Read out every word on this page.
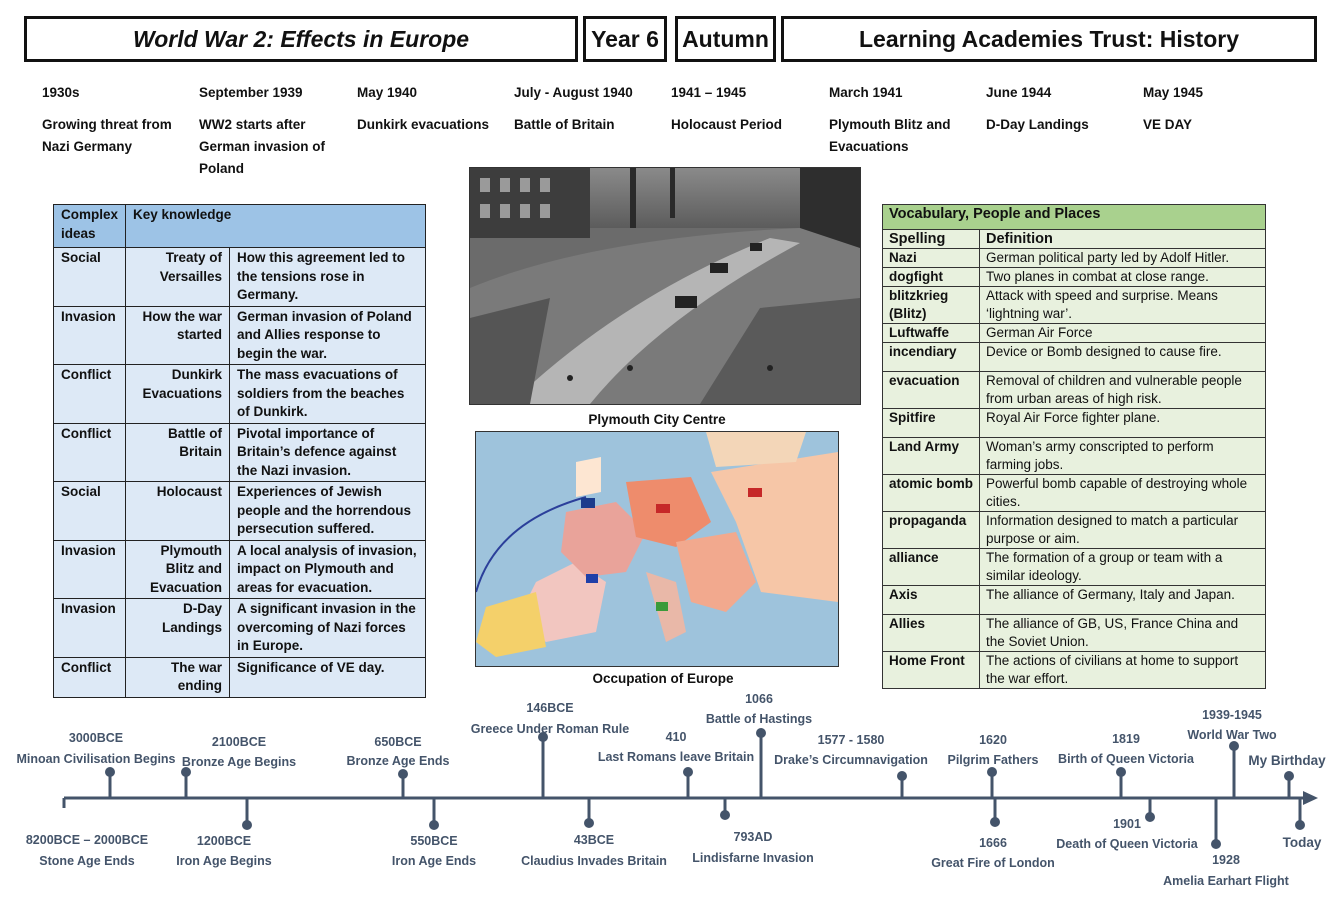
World War 2: Effects in Europe	Year 6 Autumn	Learning Academies Trust: History
1930s
Growing threat from Nazi Germany
September 1939
WW2 starts after German invasion of Poland
May 1940
Dunkirk evacuations
July - August 1940
Battle of Britain
1941 – 1945
Holocaust Period
March 1941
Plymouth Blitz and Evacuations
June 1944
D-Day Landings
May 1945
VE DAY
Complex ideas	Key knowledge	
Social	Treaty of Versailles	How this agreement led to the tensions rose in Germany.
Invasion	How the war started	German invasion of Poland and Allies response to begin the war.
Conflict	Dunkirk Evacuations	The mass evacuations of soldiers from the beaches of Dunkirk.
Conflict	Battle of Britain	Pivotal importance of Britain’s defence against the Nazi invasion.
Social	Holocaust	Experiences of Jewish people and the horrendous persecution suffered.
Invasion	Plymouth Blitz and Evacuation	A local analysis of invasion, impact on Plymouth and areas for evacuation.
Invasion	D-Day Landings	A significant invasion in the overcoming of Nazi forces in Europe.
Conflict	The war ending	Significance of VE day.
Plymouth City Centre
Occupation of Europe
Vocabulary, People and Places	
Spelling	Definition
Nazi	German political party led by Adolf Hitler.
dogfight	Two planes in combat at close range.
blitzkrieg (Blitz)	Attack with speed and surprise. Means ‘lightning war’.
Luftwaffe	German Air Force
incendiary	Device or Bomb designed to cause fire.
evacuation	Removal of children and vulnerable people from urban areas of high risk.
Spitfire	Royal Air Force fighter plane.
Land Army	Woman’s army conscripted to perform farming jobs.
atomic bomb	Powerful bomb capable of destroying whole cities.
propaganda	Information designed to match a particular purpose or aim.
alliance	The formation of a group or team with a similar ideology.
Axis	The alliance of Germany, Italy and Japan.
Allies	The alliance of GB, US, France China and the Soviet Union.
Home Front	The actions of civilians at home to support the war effort.
3000BCE
Minoan Civilisation Begins
2100BCE
Bronze Age Begins
650BCE
Bronze Age Ends
146BCE
Greece Under Roman Rule
410
Last Romans leave Britain
1066
Battle of Hastings
1577 - 1580
Drake’s Circumnavigation
1620
Pilgrim Fathers
1819
Birth of Queen Victoria
1939-1945
World War Two
My Birthday
8200BCE – 2000BCE
Stone Age Ends
1200BCE
Iron Age Begins
550BCE
Iron Age Ends
43BCE
Claudius Invades Britain
793AD
Lindisfarne Invasion
1666
Great Fire of London
1901
Death of Queen Victoria
1928
Amelia Earhart Flight
Today
